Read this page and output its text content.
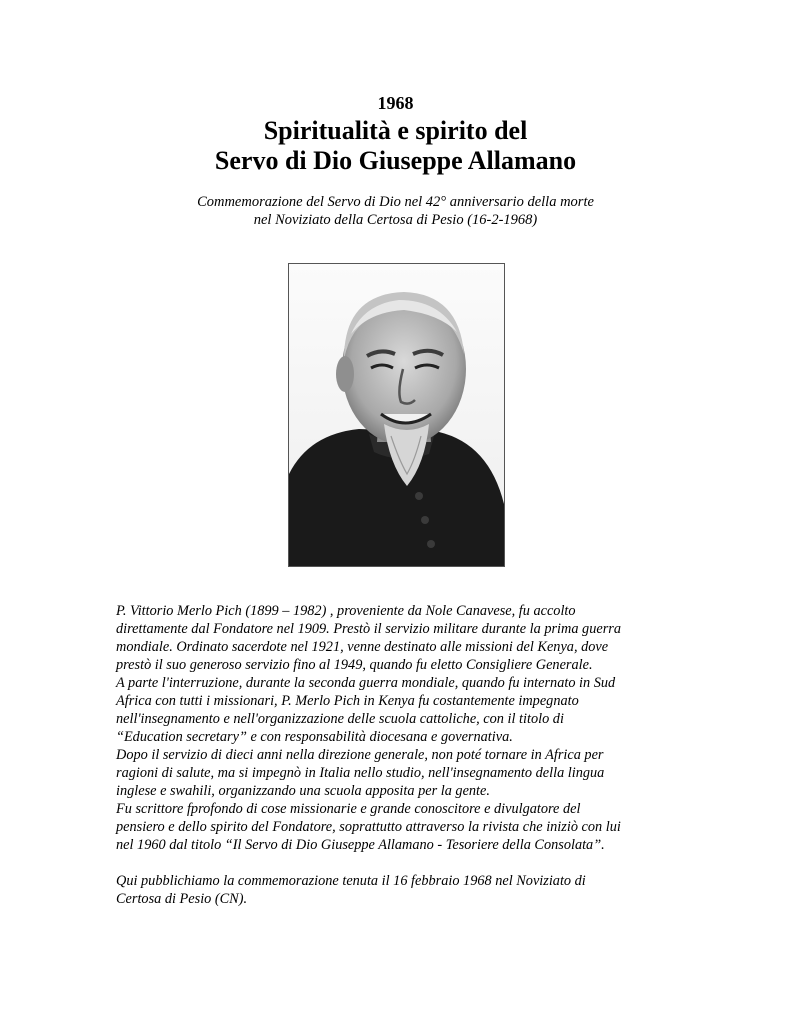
1968
Spiritualità e spirito del
Servo di Dio Giuseppe Allamano
Commemorazione del Servo di Dio nel 42° anniversario della morte
nel Noviziato della Certosa di Pesio (16-2-1968)
P. Vittorio Merlo Pich (1899 – 1982) , proveniente da Nole Canavese, fu accolto
direttamente dal Fondatore nel 1909. Prestò il servizio militare durante la prima guerra
mondiale. Ordinato sacerdote nel 1921, venne destinato alle missioni del Kenya, dove
prestò il suo generoso servizio fino al 1949, quando fu eletto Consigliere Generale.
A parte l'interruzione, durante la seconda guerra mondiale, quando fu internato in Sud
Africa con tutti i missionari, P. Merlo Pich in Kenya fu costantemente impegnato
nell'insegnamento e nell'organizzazione delle scuola cattoliche, con il titolo di
“Education secretary” e con responsabilità diocesana e governativa.
Dopo il servizio di dieci anni nella direzione generale, non poté tornare in Africa per
ragioni di salute, ma si impegnò in Italia nello studio, nell'insegnamento della lingua
inglese e swahili, organizzando una scuola apposita per la gente.
Fu scrittore fprofondo di cose missionarie e grande conoscitore e divulgatore del
pensiero e dello spirito del Fondatore, soprattutto attraverso la rivista che iniziò con lui
nel 1960 dal titolo “Il Servo di Dio Giuseppe Allamano - Tesoriere della Consolata”.
Qui pubblichiamo la commemorazione tenuta il 16 febbraio 1968 nel Noviziato di
Certosa di Pesio (CN).
